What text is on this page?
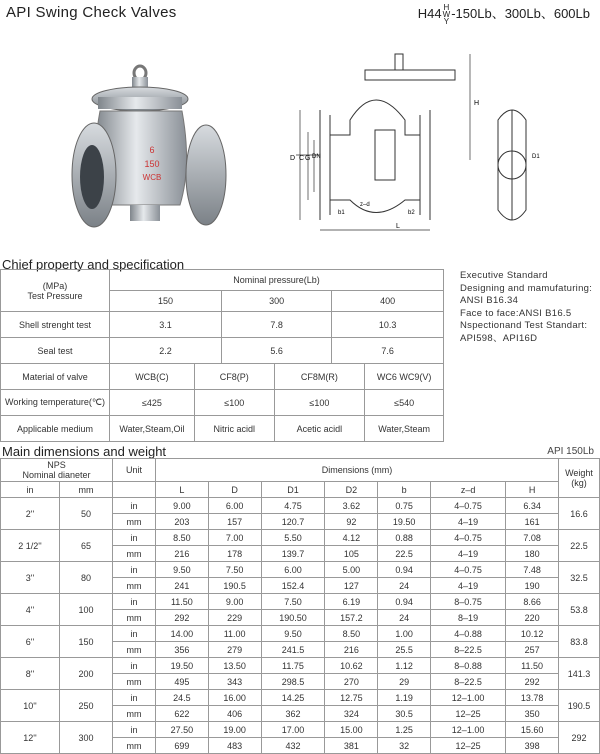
API Swing Check Valves	H44 H
W
Y-150Lb、300Lb、600Lb
6
150
WCB
D C G DN
H
b1	b2
z–d
L
D1
Chief property and specification
(MPa)
Test Pressure	Nominal pressure(Lb)					
	150		300		400	
Shell strenght test	3.1		7.8		10.3	
Seal test	2.2		5.6		7.6	
Material of valve	WCB(C)	CF8(P)		CF8M(R)		WC6 WC9(V)
Working temperature(℃)	≤425	≤100		≤100		≤540
Applicable medium	Water,Steam,Oil	Nitric acidl		Acetic acidl		Water,Steam
Executive Standard
Designing and mamufaturing:
ANSI B16.34
Face to face:ANSI B16.5
Nspectionand Test Standart:
API598、API16D
Main dimensions and weight	API 150Lb
NPS
Nominal dianeter		Unit	Dimensions (mm)							Weight
(kg)
in	mm		L	D	D1	D2	b	z–d	H	

2''	50	in	9.00	6.00	4.75	3.62	0.75	4–0.75	6.34	16.6
		mm	203	157	120.7	92	19.50	4–19	161	
2 1/2''	65	in	8.50	7.00	5.50	4.12	0.88	4–0.75	7.08	22.5
		mm	216	178	139.7	105	22.5	4–19	180	
3''	80	in	9.50	7.50	6.00	5.00	0.94	4–0.75	7.48	32.5
		mm	241	190.5	152.4	127	24	4–19	190	
4''	100	in	11.50	9.00	7.50	6.19	0.94	8–0.75	8.66	53.8
		mm	292	229	190.50	157.2	24	8–19	220	
6''	150	in	14.00	11.00	9.50	8.50	1.00	4–0.88	10.12	83.8
		mm	356	279	241.5	216	25.5	8–22.5	257	
8''	200	in	19.50	13.50	11.75	10.62	1.12	8–0.88	11.50	141.3
		mm	495	343	298.5	270	29	8–22.5	292	
10''	250	in	24.5	16.00	14.25	12.75	1.19	12–1.00	13.78	190.5
		mm	622	406	362	324	30.5	12–25	350	
12''	300	in	27.50	19.00	17.00	15.00	1.25	12–1.00	15.60	292
		mm	699	483	432	381	32	12–25	398	
